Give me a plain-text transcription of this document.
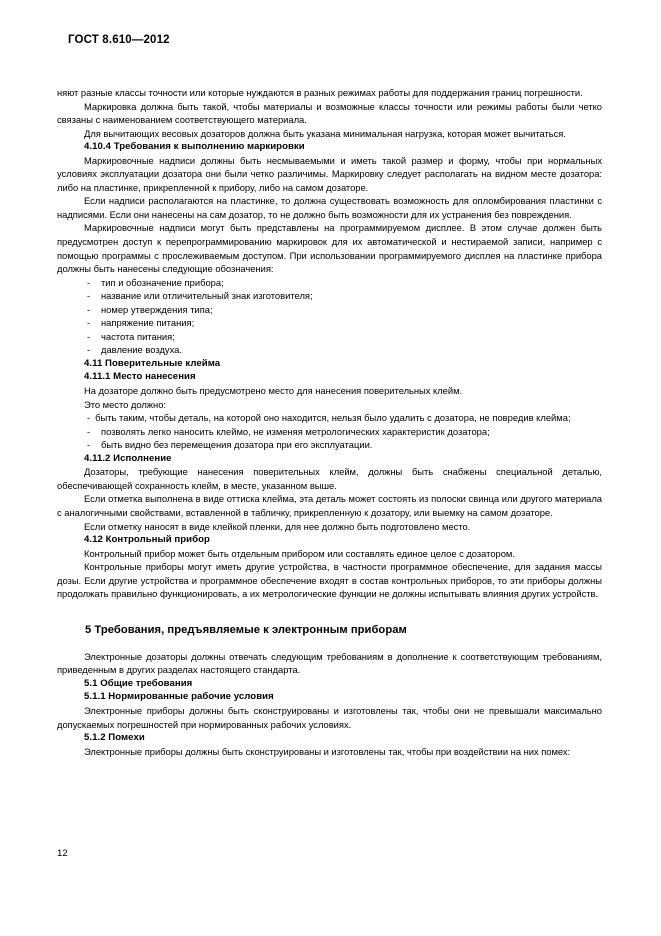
ГОСТ 8.610—2012

няют разные классы точности или которые нуждаются в разных режимах работы для поддержания границ погрешности.

Маркировка должна быть такой, чтобы материалы и возможные классы точности или режимы работы были четко связаны с наименованием соответствующего материала.

Для вычитающих весовых дозаторов должна быть указана минимальная нагрузка, которая может вычитаться.

4.10.4 Требования к выполнению маркировки

Маркировочные надписи должны быть несмываемыми и иметь такой размер и форму, чтобы при нормальных условиях эксплуатации дозатора они были четко различимы. Маркировку следует располагать на видном месте дозатора: либо на пластинке, прикрепленной к прибору, либо на самом дозаторе.

Если надписи располагаются на пластинке, то должна существовать возможность для опломбирования пластинки с надписями. Если они нанесены на сам дозатор, то не должно быть возможности для их устранения без повреждения.

Маркировочные надписи могут быть представлены на программируемом дисплее. В этом случае должен быть предусмотрен доступ к перепрограммированию маркировок для их автоматической и нестираемой записи, например с помощью программы с прослеживаемым доступом. При использовании программируемого дисплея на пластинке прибора должны быть нанесены следующие обозначения:

- тип и обозначение прибора;
- название или отличительный знак изготовителя;
- номер утверждения типа;
- напряжение питания;
- частота питания;
- давление воздуха.
4.11 Поверительные клейма
4.11.1 Место нанесения

На дозаторе должно быть предусмотрено место для нанесения поверительных клейм.

Это место должно:

- быть таким, чтобы деталь, на которой оно находится, нельзя было удалить с дозатора, не повредив клейма;

- позволять легко наносить клеймо, не изменяя метрологических характеристик дозатора;
- быть видно без перемещения дозатора при его эксплуатации.
4.11.2 Исполнение

Дозаторы, требующие нанесения поверительных клейм, должны быть снабжены специальной деталью, обеспечивающей сохранность клейм, в месте, указанном выше.

Если отметка выполнена в виде оттиска клейма, эта деталь может состоять из полоски свинца или другого материала с аналогичными свойствами, вставленной в табличку, прикрепленную к дозатору, или выемку на самом дозаторе.

Если отметку наносят в виде клейкой пленки, для нее должно быть подготовлено место.

4.12 Контрольный прибор

Контрольный прибор может быть отдельным прибором или составлять единое целое с дозатором.

Контрольные приборы могут иметь другие устройства, в частности программное обеспечение, для задания массы дозы. Если другие устройства и программное обеспечение входят в состав контрольных приборов, то эти приборы должны продолжать правильно функционировать, а их метрологические функции не должны испытывать влияния других устройств.

5 Требования, предъявляемые к электронным приборам

Электронные дозаторы должны отвечать следующим требованиям в дополнение к соответствующим требованиям, приведенным в других разделах настоящего стандарта.

5.1 Общие требования
5.1.1 Нормированные рабочие условия

Электронные приборы должны быть сконструированы и изготовлены так, чтобы они не превышали максимально допускаемых погрешностей при нормированных рабочих условиях.

5.1.2 Помехи

Электронные приборы должны быть сконструированы и изготовлены так, чтобы при воздействии на них помех:

12
